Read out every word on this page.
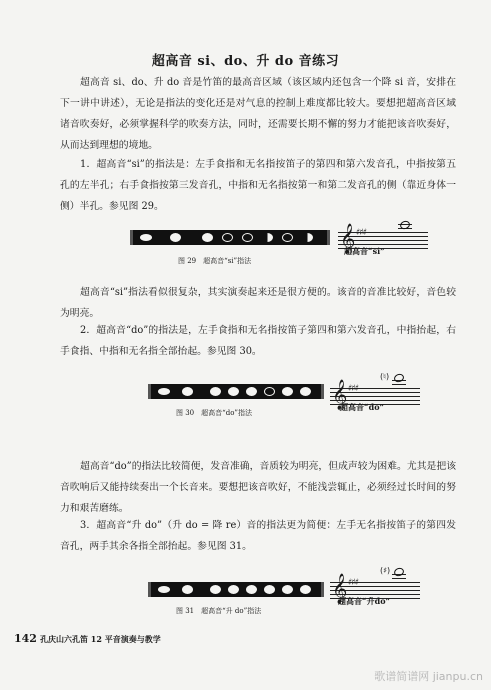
超高音 si、do、升 do 音练习

超高音 si、do、升 do 音是竹笛的最高音区域（该区域内还包含一个降 si 音，安排在下一讲中讲述），无论是指法的变化还是对气息的控制上难度都比较大。要想把超高音区域诸音吹奏好，必须掌握科学的吹奏方法，同时，还需要长期不懈的努力才能把该音吹奏好，从而达到理想的境地。

1．超高音“si”的指法是：左手食指和无名指按笛子的第四和第六发音孔，中指按第五孔的左半孔；右手食指按第三发音孔，中指和无名指按第一和第二发音孔的侧（靠近身体一侧）半孔。参见图 29。

𝄞 ♯♯♯
图 29　超高音“si”指法
超高音“si”

超高音“si”指法看似很复杂，其实演奏起来还是很方便的。该音的音准比较好，音色较为明亮。

2．超高音“do”的指法是，左手食指和无名指按笛子第四和第六发音孔，中指抬起，右手食指、中指和无名指全部抬起。参见图 30。

𝄞 ♯♯♯
(♮)
图 30　超高音“do”指法
超高音“do”

超高音“do”的指法比较简便，发音准确，音质较为明亮，但成声较为困难。尤其是把该音吹响后又能持续奏出一个长音来。要想把该音吹好，不能浅尝辄止，必须经过长时间的努力和艰苦磨练。

3．超高音“升 do”（升 do = 降 re）音的指法更为简便：左手无名指按笛子的第四发音孔，两手其余各指全部抬起。参见图 31。

𝄞 ♯♯♯
(♯)
图 31　超高音“升 do”指法
超高音“升do”
142 孔庆山六孔笛 12 平音演奏与教学
歌谱简谱网 jianpu.cn
